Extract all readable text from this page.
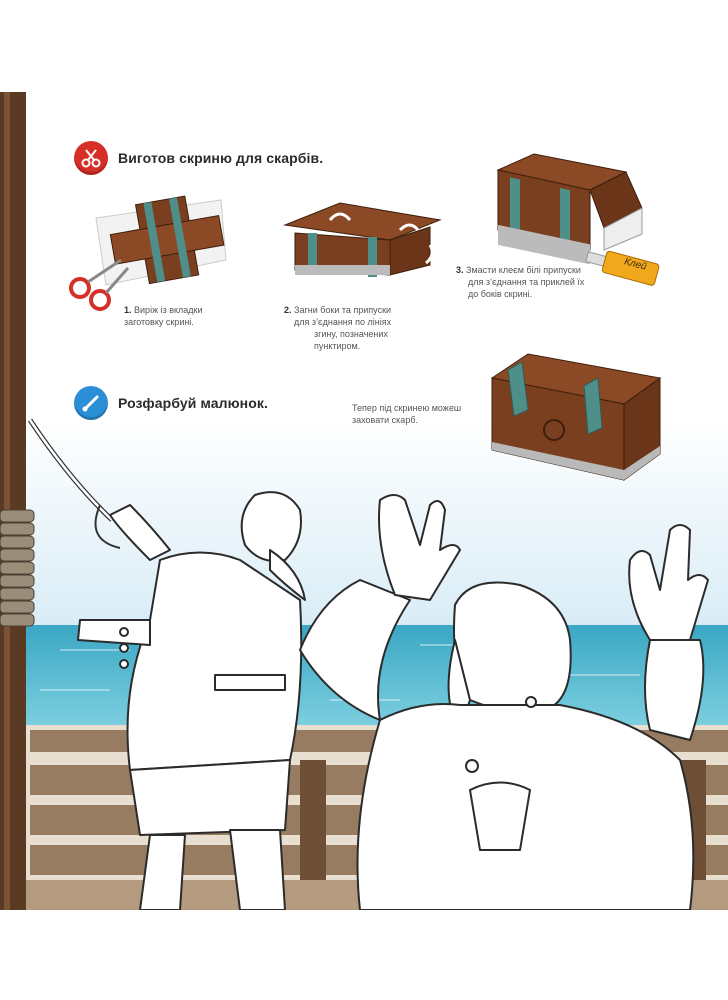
Виготов скриню для скарбів.
1. Виріж із вкладки
заготовку скрині.
2. Загни боки та припуски
для з’єднання по лініях
згину, позначених
пунктиром.
Клей
3. Змасти клеєм білі припуски
для з’єднання та приклей їх
до боків скрині.
Розфарбуй малюнок.	Тепер під скринею можеш
заховати скарб.
